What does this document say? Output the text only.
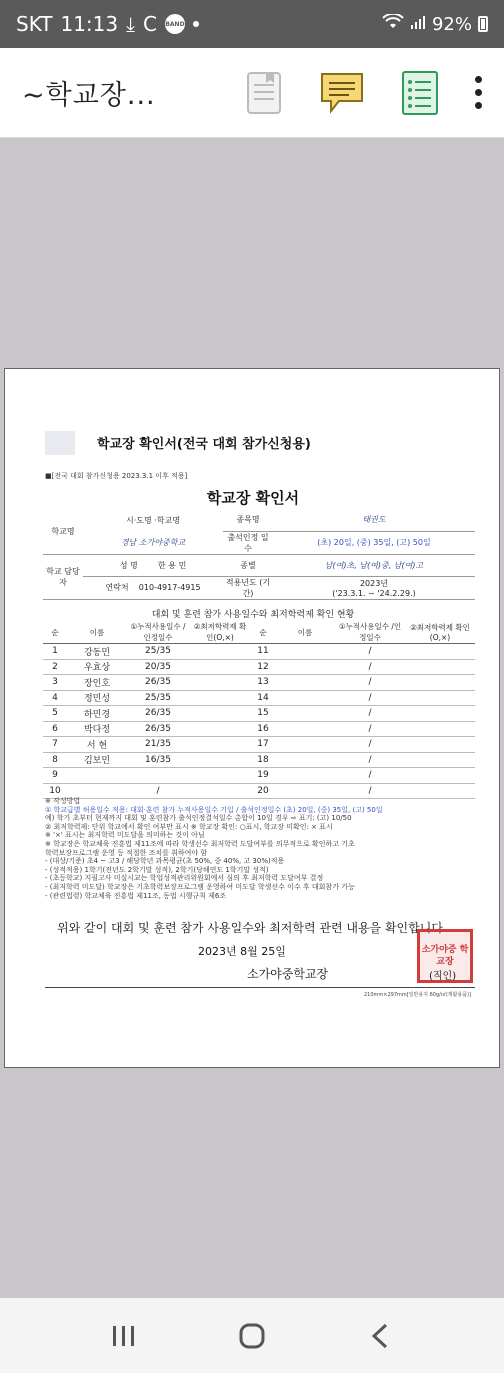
SKT 11:13 ⤓ C BAND	92%
~학교장...
학교장 확인서(전국 대회 참가신청용)
■[전국 대회 참가신청용 2023.3.1 이후 적용]
학교장 확인서
학교명	시·도명 ·학교명	종목명	태권도
	경남 소가야중학교	출석인정 일수	(초) 20일, (중) 35일, (고) 50일
학교 담당자	성 명 한 용 민	종별	남(여)초, 남(여)중, 남(여)고
	연락처 010-4917-4915	적용년도 (기간)	2023년
('23.3.1. ~ '24.2.29.)
대회 및 훈련 참가 사용일수와 최저학력제 확인 현황
순	이름	①누적사용일수 /인정일수	②최저학력제 확인(O,×)	순	이름	①누적사용일수 /인정일수	②최저학력제 확인(O,×)
1	강동민	25/35		11		/	
2	우효상	20/35		12		/	
3	장인호	26/35		13		/	
4	정민성	25/35		14		/	
5	하민경	26/35		15		/	
6	박다정	26/35		16		/	
7	서 현	21/35		17		/	
8	김보민	16/35		18		/	
9				19		/	
10		/		20		/	
※ 작성방법
① 학교급별 허용일수 적용: 대회·훈련 참가 누적사용일수 기입 / 출석인정일수 (초) 20일, (중) 35일, (고) 50일
예) 학기 초부터 현재까지 대회 및 훈련참가 출석인정결석일수 총합이 10일 경우 ⇨ 표기: (고) 10/50
② 최저학력제: 단위 학교에서 확인 여부만 표시 ※ 학교장 확인: ○표시, 학교장 미확인: × 표시
※ '×' 표시는 최저학력 미도달을 의미하는 것이 아님
※ 학교장은 학교체육 진흥법 제11조에 따라 학생선수 최저학력 도달여부를 의무적으로 확인하고 기초
학력보장프로그램 운영 등 적절한 조치를 취하여야 함
- (대상/기준) 초4 ~ 고3 / 해당학년 과목평균(초 50%, 중 40%, 고 30%)적용
- (성적적용) 1학기(전년도 2학기말 성적), 2학기(당해연도 1학기말 성적)
- (초등학교) 지필고사 미실시교는 학업성적관리위원회에서 심의 후 최저학력 도달여부 결정
- (최저학력 미도달) 학교장은 기초학력보장프로그램 운영하여 미도달 학생선수 이수 후 대회참가 가능
- (관련법령) 학교체육 진흥법 제11조, 동법 시행규칙 제6조
위와 같이 대회 및 훈련 참가 사용일수와 최저학력 관련 내용을 확인합니다.
2023년 8월 25일
소가야중학교장
소가야중 학교장
(직인)
210mm×297mm[일반용지 60g/㎡(재활용품)]
